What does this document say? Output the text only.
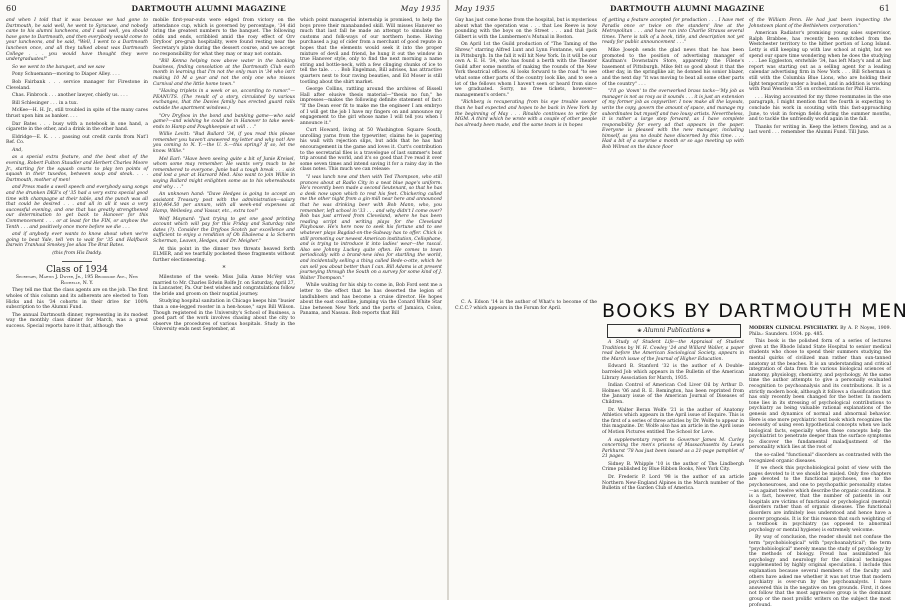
60	DARTMOUTH ALUMNI MAGAZINE	May 1935

and when I told that it was because we had gone to Dartmouth, he said well, he went to Syracuse, and nobody came to his alumni luncheons, and I said well, you should have gone to Dartmouth, and then everybody would come to your luncheons, and he said, "Well, I went to a Dartmouth luncheon once, and all they talked about was Dartmouth College . . . you would have thought they were undergraduates!"

So we went to the banquet, and we saw

Pony Schuemann—moving to Diaper Alley. . . .

Bob Fairbank . . . service manager for Firestone in Cleveland.

Chas. Finbrock . . . another lawyer, chiefly us. . . .

Bill Schlesinger . . . in a tux.

McKee—H. H. Jr., still troubled in spite of the many cares thrust upon him as banker. . . .

Dar Bates . . . busy with a notebook in one hand, a cigarette in the other, and a drink in the other hand.

Eldridge—E. K. . . . passing out credit cards from Nat'l Ref. Co.

And,

as a special extra feature, and the best shot of the evening, Robert Fulton Staudler and Herbert Charles Moore Jr., starting for the squash courts to play ten points of squash in their tuxedos, between soup and steak. . . . Dartmouth, mother of men!

and Press made a swell speech and everybody sang songs and the drunken DKE's of '35 had a very extra special good time with champagne at their table, and the punch was all that could be desired . . . and all in all it was a very successful evening, and one that has greatly strengthened our determination to get back to Hanover for this Commencement . . . or at least for the FIN, or anyhow the Tenth . . . and positively once more before we die . . .

and if anybody ever wants to know about when we're going to beat Yale, tell 'em to wait for '35 and Halfback Darwin Tranhaul Smokey Joe alias The Brat Bates.

(this from His Daddy.
Class of 1934

Secretary, Martin J. Dwyer, Jr., 195 Brookside Ave., New Rochelle, N. Y.

They tell me that the class agents are on the job. The first wholes of this column and its adherents are elected to Tom Hicks and his '34 cohorts in their drive for 100% subscription to the Alumni Fund.

The annual Dartmouth dinner, representing in its modest way the monthly class dinner for March, was a great success. Special reports have it that, although the

mobile first-year-outs were edged from victory on the attendance cup, which is governed by percentage, '34 did bring the greatest numbers to the banquet. The following odds and ends, scribbled amid the rosy effect of Orv Dryfoos' pre-grub hospitality, were found resting near the Secretary's plate during the dessert course, and we accept no responsibility for what they may or may not contain.

"Bill Kenna helping now above water in the banking business, finding consolation at the Dartmouth Club each month in learning that I'm not the only man in '34 who isn't making 10 M a year and not the only one who misses Carnival and the little home town."

"Having triplets in a week or so, according to rumor."—PEANUTS. (The result of a story, circulated by various exchanges, that the Davies family has erected guard rails outside the apartment windows.)

"Orv Dryfoos in the bond and banking game—who said game?—and wishing he could be in Hanover to take week-ends to Hamp and Poughkeepsie at will . . ."

Willie Levitt: "Bud Ballard '34, if you read this please remember you haven't answered my letter and why not! Are you coming to N. Y.—the U. S.—this spring? If so, let me know. Willie."

Mel Earl: "Have been seeing quite a bit of Junie Kreisel, whom some may remember. He wants very much to be remembered to everyone. Junie had a tough break . . . sick and lost a year at Harvard Med. Also want to join Willie in saying Ballard might enlighten some as to his whereabouts and why . . ."

An unknown hand: "Dave Hedges is going to accept an assistant Treasury post with the administration—salary $10,464.50 per annum, with all week-end expenses at Hamp, Wellesley, and Vassar, etc., extra too!"

Wolf Maynard: "Just trying to get one good printing account which will pay for this Friday and Saturday nite dates (?). Consider the Dryfoos Scotch par excellence and sufficient to enjoy a rendition of Oh Ebaleena a la Scherm Scherman, Leaven, Hedges, and Dr. Meigher."

At this point in the dinner two threats heaved forth ELMER, and we tearfully pocketed these fragments without further electioneering.

*

Milestone of the week: Miss Julia Anne McVey was married to Mr. Charles Edwin Rolfe Jr. on Saturday, April 27, in Lancaster, Pa. Our best wishes and congratulations follow the bride and groom on their nuptial journey.

Studying hospital sanitation in Chicago keeps him "busier than a one-legged rooster in a hen-house," says Bill Wilson. Though registered in the University's School of Business, a good part of the work involves chasing about the city to observe the procedures of various hospitals. Study in the University ends next September, at

which point managerial internship is promised, to help the boys prove their manabanded skill. Will misses Hanover so much that last fall he made an attempt to simulate the customs and folk-ways of our northern home. Having purchased a jug of cider from a merchant of good repute in hopes that the elements would seek it into the proper mixture of devil and friend, he hung it out the window in true Hanover style, only to find the next morning a name string and bottle-neck, with a few clinging chunks of ice to tell the tale. . . . Bob Engelman, Bill advises, has attractive quarters next to four raving beauties, and Ed Moser is still tootling about the shirt market.

George Collins, rattling around the archives of Bissell Hall after elusive thesis material—"thesis no fun," he impresses—makes the following definite statement of fact: "If the Dean ever fit to make me the engineer I am embryo of I will get the job I have my fingers on and announce my engagement to the girl whose name I will tell you when I announce it."

Curt Howard, living at 50 Washington Square South, unrolling yarns from the typewriter, claims he is papering his wall with rejection slips, but adds that he has had encouragement in the game and loves it. Curt's contribution to the secretarial files is a travelogue of last summer's boat trip around the world, and it's so good that I've read it over some seven times and intend saving it for a rainy day in the class notes. This much we can release:

"I was lunch now and then with Ted Thompson, who still prances about at Radio City in a neat blue page's uniform. He's recently been made a second lieutenant, so that he has a desk now upon which to rest his feet. Chickering called me the other night from a gin-mill near here and announced that he was drinking beer with Bob Mann, who, you remember, left school in '33 . . . and why didn't I come over? Bob has just arrived from Cleveland, where he has been reading script and writing plays for the Cleveland Playhouse. He's here now to seek his fortune and to see whatever plays Bagdad-on-the-Subway has to offer. Chick is still promoting our newest American institution, Cellophane, and is trying to introduce it into ladies' wear—the rascal. Also see Johnny Luckey quite often. He comes to town periodically with a brand-new idea for startling the world, and incidentally selling a thing called Bede-o-otte, which he can sell you about better than I can. Bill Adams is at present journeying through the South on a survey for some kind of J. Walter Thompson."

While waiting for his ship to come in, Bob Ford sent me a letter to the effect that he has deserted the legion of landlubbers and has become a cruise director. He hopes about the east coastline, jumping via the Conard White Star Line between New York and the ports of Jamaica, Colon, Panama, and Nassau. Bob reports that Bill

May 1935	DARTMOUTH ALUMNI MAGAZINE	61

Gay has just come home from the hospital, but is mysterious about what the operation was . . . that Les Reeve is now pounding with the boys on the Street . . . and that Jack Gilbert is with the Lumbermen's Mutual in Boston.

On April 1st the Guild production of "The Taming of the Shrew," starring Alfred Lunt and Lynn Fontanne, will open in Pittsburgh. In the fall it will hit New York. In it will be our own A. E. H. '34, who has found a berth with the Theater Guild after some months of making the rounds of the New York theatrical offices. Al looks forward to the road "to see what some other parts of the country look like, and to see a lot of the fellows whom I haven't seen or heard from since we graduated. Sorry, no free tickets, however—management's orders."

"Richberg is recuperating from his eye trouble sooner than he had expected and hopes to be back in New York by the beginning of May . . . Rinaldo continues to write for MGM. A third which he wrote with a couple of other people has already been made, and the same team is in hopes

of getting a feature accepted for production . . . I have met Paradis once or twice on the standers' line at the Metropolitan . . . and have run into Charlie Strauss several times. There is talk of a book, title, and description not yet ready for public announcement . . ."

Mike Joseph sends the glad news that he has been promoted to the position of advertising manager of Kaufman's Downstairs Store, apparently the Filene's basement of Pittsburgh. Mike felt so good about it that the other day, in the springlike air, he donned his sonior blazer, and the next day "it was moving to beat all some other parts of the country" . . .

"I'll go 'down' to the overworked brass tacks—'My job as manager is not as rosy as it sounds . . . it is just an extension of my former job as copywriter. I now make all the layouts, write the copy, govern the amount of space, and manage my subordinates but myself and two lousy artists. Nevertheless, it is rather a large step forward, as I have complete responsibility for every ad that appears in the paper. Everyone is pleased with the new manager, including himself, as you no doubt have discerned by this time. . . . Had a bit of a surprise a month or so ago meeting up with Bob Wilmot on the dance floor

of the William Penn. He had just been inspecting the Johnstown plant of the Bethlehem corporation."

American Radiator's promising young sales supervisor, Ralph Brabbee, has recently been switched from the Westchester territory to the hither portion of Long Island. Letty is still keeping up with law school at night, but we spend our spare time wondering when he does the studying . . . Lee Eggleston, erstwhile '34, has left Macy's and at last report was starting out as a selling agent for a leading calendar advertising firm in New York . . . Bill Scherman is still with the Columbia Blue Lions, who are holding their light temporarily under a bushel, and in addition is working with Paul Wenstein '35 on orchestrations for Phil Harris.

. . . Having accounted for my three roommates in the one paragraph, I might mention that the fourth is expecting to conclude his work in scouting with this fast-approaching June, to visit in foreign fields during the summer months, and to tackle the unfriendly world again in the fall.

Thanks for writing in. Keep the letters flowing, and as a last word . . . remember the Alumni Fund. Till June.

BOOKS BY DARTMOUTH MEN

C. A. Edson '14 is the author of What's to become of the C.C.C.? which appears in the Forum for April.

❀ Alumni Publications ❀

A Study of Student Life—the Appraisal of Student Traditions by W. H. Cowley '24 and Willard Waller, a paper read before the American Sociological Society, appears in the March issue of the Journal of Higher Education.

Edward B. Stanford '32 is the author of A Double-barreled Job which appears in the Bulletin of the American Library Association for March, 1935.

Indian Control of American Cod Liver Oil by Arthur D. Holmes '06 and R. E. Remington, has been reprinted from the January issue of the American Journal of Diseases of Children.

Dr. Walter Beran Wolfe '21 is the author of Anatomy Athletics which appears in the April issue of Esquire. This is the first of a series of three articles by Dr. Wolfe to appear in this magazine. Dr. Wolfe also has an article in the April issue of Motion Pictures entitled The School for Love.

A supplementary report to Governor James M. Curley concerning the men's prisons of Massachusetts by Lewis Parkhurst '78 has just been issued as a 21-page pamphlet of 21 pages.

Sidney B. Whipple '10 is the author of The Lindbergh Crime published by Blue Ribbon Books, New York City.

Dr. Frederic P. Lord '98 is the author of an article Northern New-England Alpines in the March number of the Bulletin of the Garden Club of America.

MODERN CLINICAL PSYCHIATRY. By A. P. Noyes, 1909. Phila.: Saunders. 1934. pp. 485.

This book is the polished form of a series of lectures given at the Rhode Island State Hospital to senior medical students who chose to spend their summers studying the mental quirks of civilized man rather than sun-tanned anatomy at the beaches. It is an understanding and critical integration of data from the various biological sciences of anatomy, physiology, chemistry, and psychology. At the same time the author attempts to give a personally evaluated recognition to psychoanalysis and its contributions. It is a strictly modern book, although it follows a classification that has only recently been changed for the better. In modern tone lies in its stressing of psychological contributions to psychiatry as being valuable rational explanations of the genesis and dynamics of normal and abnormal behavior. Here is one more psychiatric text book which recognizes the necessity of using even hypothetical concepts when we lack biological facts, especially when these concepts help the psychiatrist to penetrate deeper than the surface symptoms to discover the fundamental maladjustment of the personality which lies at the root of

the so-called "functional" disorders as contrasted with the recognized organic diseases.

If we check this psychobiological point of view with the pages devoted to it we should be misled. Only five chapters are devoted to the functional psychoses, one to the psychoneuroses, and one to psychopathic personality states—as against twelve which describe the organic conditions. It is a fact, however, that the number of patients in our hospitals are victims of functional or psychological (mental) disorders rather than of organic diseases. The functional disorders are infinitely less understood and hence have a poorer prognosis. It is for this reason that such weighting of a textbook in psychiatry (as opposed to abnormal psychology or mental hygiene) is extremely welcome.

By way of conclusion, the reader should not confuse the term "psychobiological" with "psychoanalytical"; the term "psychobiological" merely means the study of psychology by the methods of biology. Freud has assimilated his psychology and neurology for the clinical techniques supplemented by highly original speculation. I include this explanation because several members of the faculty and others have asked me whether it was not true that modern psychiatry is over-run by the psychoanalysts. I have answered this in the negative on ten grounds. First, it does not follow that the most aggressive group is the dominant group or the most prolific writers on the subject the most profound.
